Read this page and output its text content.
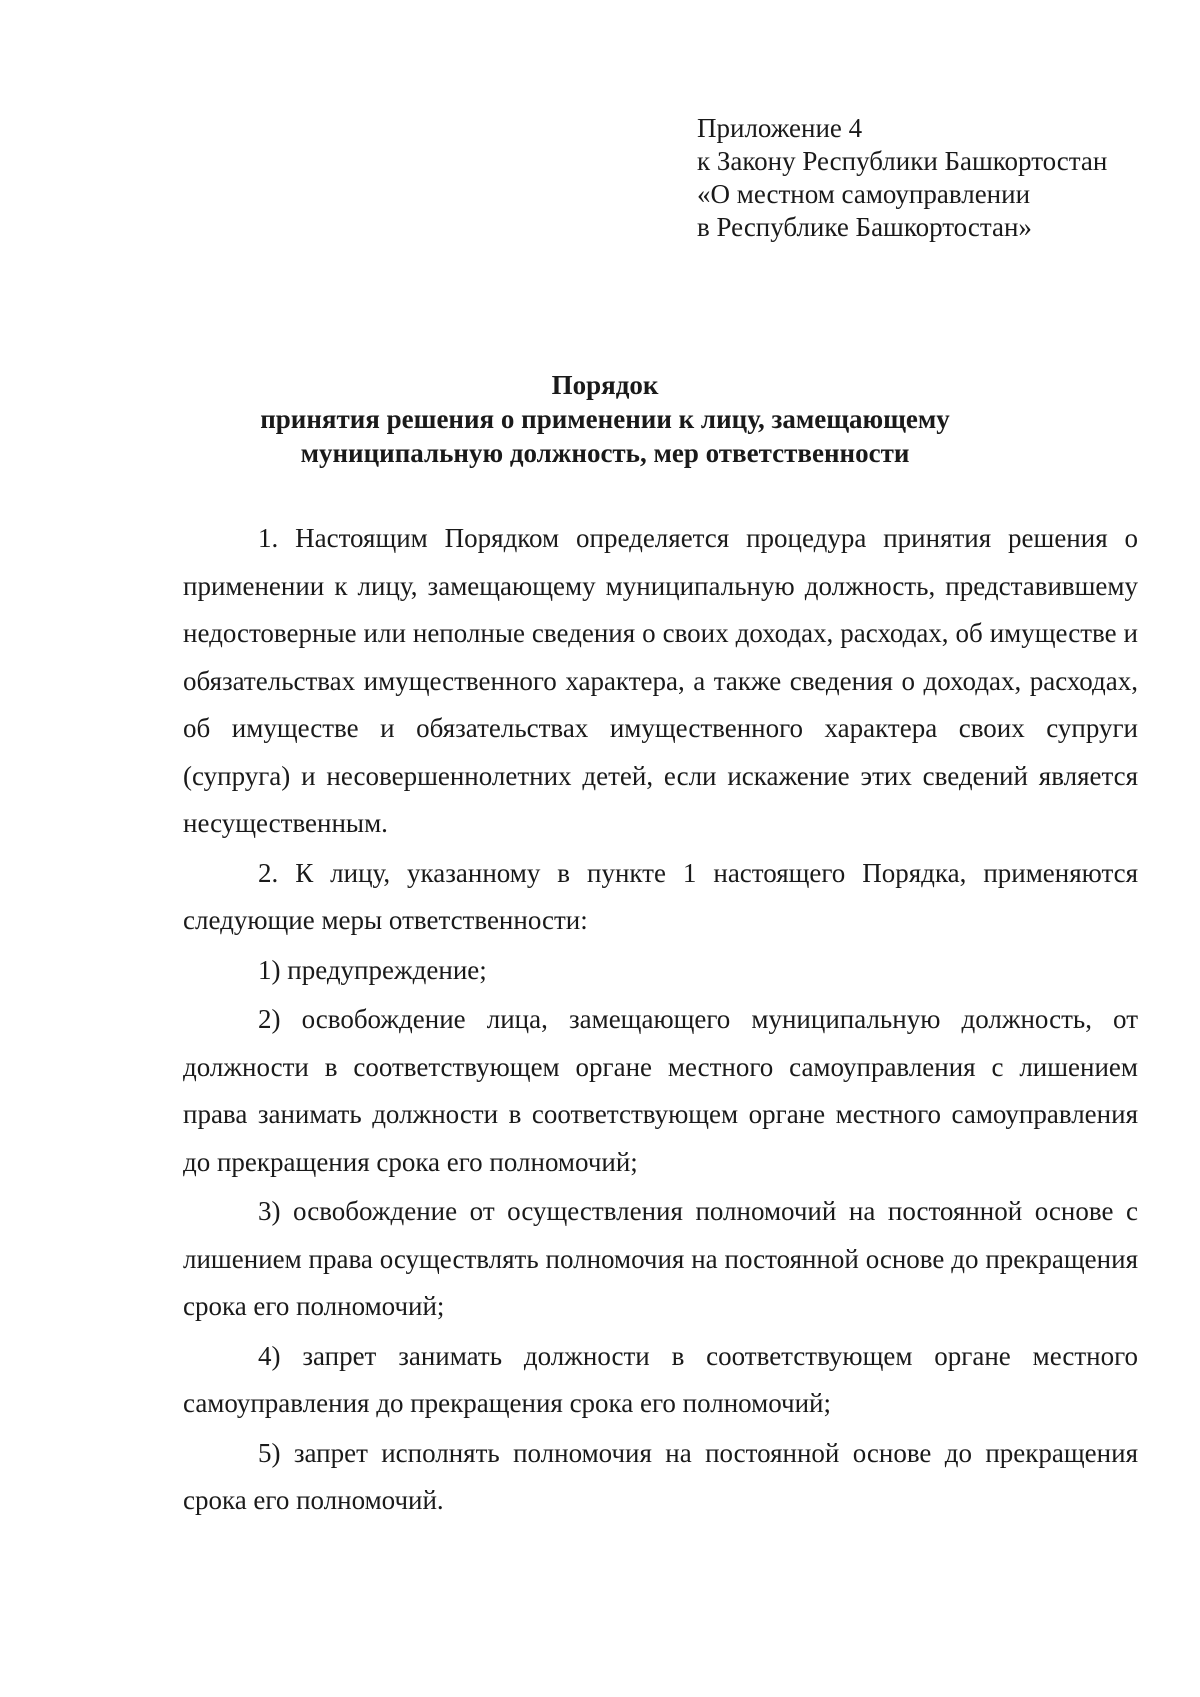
Приложение 4
к Закону Республики Башкортостан
«О местном самоуправлении
в Республике Башкортостан»
Порядок
принятия решения о применении к лицу, замещающему
муниципальную должность, мер ответственности

1. Настоящим Порядком определяется процедура принятия решения о применении к лицу, замещающему муниципальную должность, представившему недостоверные или неполные сведения о своих доходах, расходах, об имуществе и обязательствах имущественного характера, а также сведения о доходах, расходах, об имуществе и обязательствах имущественного характера своих супруги (супруга) и несовершеннолетних детей, если искажение этих сведений является несущественным.

2. К лицу, указанному в пункте 1 настоящего Порядка, применяются следующие меры ответственности:

1) предупреждение;

2) освобождение лица, замещающего муниципальную должность, от должности в соответствующем органе местного самоуправления с лишением права занимать должности в соответствующем органе местного самоуправления до прекращения срока его полномочий;

3) освобождение от осуществления полномочий на постоянной основе с лишением права осуществлять полномочия на постоянной основе до прекращения срока его полномочий;

4) запрет занимать должности в соответствующем органе местного самоуправления до прекращения срока его полномочий;

5) запрет исполнять полномочия на постоянной основе до прекращения срока его полномочий.
